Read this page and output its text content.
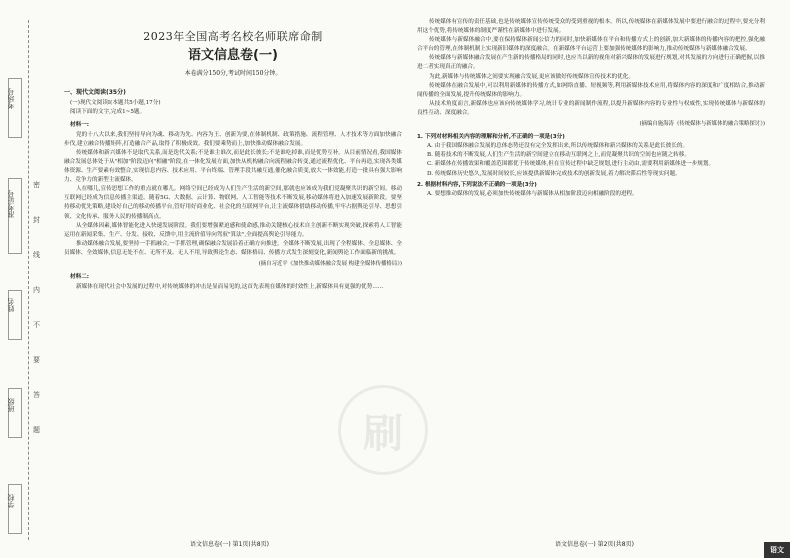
考场号
准考证号
姓名
班级
学校
密
封
线
内
不
要
答
题
2023年全国高考名校名师联席命制
语文信息卷(一)
本卷满分150分,考试时间150分钟。
一、现代文阅读(35分)
(一)现代文阅读Ⅰ(本题共5小题,17分)
阅读下面的文字,完成1~5题。
材料一:

党的十八大以来,我们坚持导向为魂、移动为先、内容为王、创新为要,在体制机制、政策措施、流程管理、人才技术等方面加快融合步伐,建立融合传播矩阵,打造融合产品,取得了积极成效。我们要乘势而上,加快推动媒体融合发展。

传统媒体和新兴媒体不是取代关系,而是迭代关系;不是谁主谁次,而是此长彼长;不是谁吃掉谁,而是优势互补。从目前情况看,我国媒体融合发展总体处于从"相加"阶段迈向"相融"阶段,在一体化发展方面,加快从机构融合向流程融合转变,通过流程优化、平台再造,实现各类媒体资源、生产要素有效整合,实现信息内容、技术应用、平台终端、管理手段共融互通,催化融合质变,放大一体效能,打造一批具有强大影响力、竞争力的新型主流媒体。

人在哪儿,宣传思想工作的重点就在哪儿。网络空间已经成为人们生产生活的新空间,那就也应该成为我们党凝聚共识的新空间。移动互联网已经成为信息传播主渠道。随着5G、大数据、云计算、物联网、人工智能等技术不断发展,移动媒体将进入加速发展新阶段。要坚持移动优先策略,建设好自己的移动传播平台,管好用好商业化、社会化的互联网平台,让主流媒体借助移动传播,牢牢占据舆论引导、思想引领、文化传承、服务人民的传播制高点。

从全媒体因素,媒体智能化进入快速发展阶段。我们要增强紧迫感和使命感,推动关键核心技术自主创新不断实现突破,探索将人工智能运用在新闻采集、生产、分发、接收、反馈中,用主流价值导向驾驭"算法",全面提高舆论引导能力。

推动媒体融合发展,要坚持一手抓融合,一手抓管理,确保融合发展沿着正确方向推进。全媒体不断发展,出现了全程媒体、全息媒体、全员媒体、全效媒体,信息无处不在、无所不及、无人不用,导致舆论生态、媒体格局、传播方式发生深刻变化,新闻舆论工作面临新的挑战。

(摘自习近平《加快推动媒体融合发展 构建全媒体传播格局》)
材料二:

新媒体在现代社会中发展的过程中,对传统媒体的冲击是显而易见的,这首先表现在媒体的时效性上,新媒体具有更强的优势……

传统媒体有宣传的责任基础,也是传统媒体宣传传统受众的受到重视的根本。所以,传统媒体在新媒体发展中要进行融合的过程中,要充分利用这个优势,将传统媒体的制度严谨性在新媒体中进行发展。

传统媒体与新媒体融合中,要在保持媒体新闻公信力的同时,加快新媒体在平台和传播方式上的创新,加大新媒体的传播内容的把控,强化融合平台的管理,在体制机制上实现新旧媒体的深度融合。在新媒体平台运营上要加强传统媒体的影响力,推动传统媒体与新媒体融合发展。

传统媒体与新媒体融合发展在产生新的传播格局的同时,也应当以新的视角对新兴媒体的发展进行规划,对其发展的方向进行正确把握,以推进二者实现真正的融合。

为此,新媒体与传统媒体之间要实现融合发展,更应该做好传统媒体宣传技术的优化。

传统媒体在融合发展中,可以利用新媒体的传播方式,如网络直播、短视频等,利用新媒体技术应用,将媒体内容的深度和广度相结合,推动新闻传播的全面发展,提升传统媒体的影响力。

从技术角度而言,新媒体也应该向传统媒体学习,统计专业的新闻制作流程,以提升新媒体内容的专业性与权威性,实现传统媒体与新媒体的良性互动、深度融合。

(摘编自施海涛《传统媒体与新媒体的融合策略探讨》)
1. 下列对材料相关内容的理解和分析,不正确的一项是(3分)
A. 由于我国媒体融合发展的总体态势还没有完全发挥出来,所以传统媒体和新兴媒体的关系是此长彼长的。
B. 随着技术的不断发展,人们生产生活的新空间建立在移动互联网之上,而党凝聚共识的空间也应随之转移。
C. 新媒体在传播效果和覆盖范围都优于传统媒体,但在宣传过程中缺乏规划,进行主动由,需要利用新媒体进一步规划。
D. 传统媒体历史悠久,发展时间较长,应该提供新媒体完成技术的创新发展,着力解决滞后性等现实问题。
2. 根据材料内容,下列说法不正确的一项是(3分)
A. 要想推动媒体的发展,必须加快传统媒体与新媒体从相加阶段迈向相融阶段的进程。
刷
语文信息卷(一) 第1页(共8页)	语文信息卷(一) 第2页(共8页)
语文
